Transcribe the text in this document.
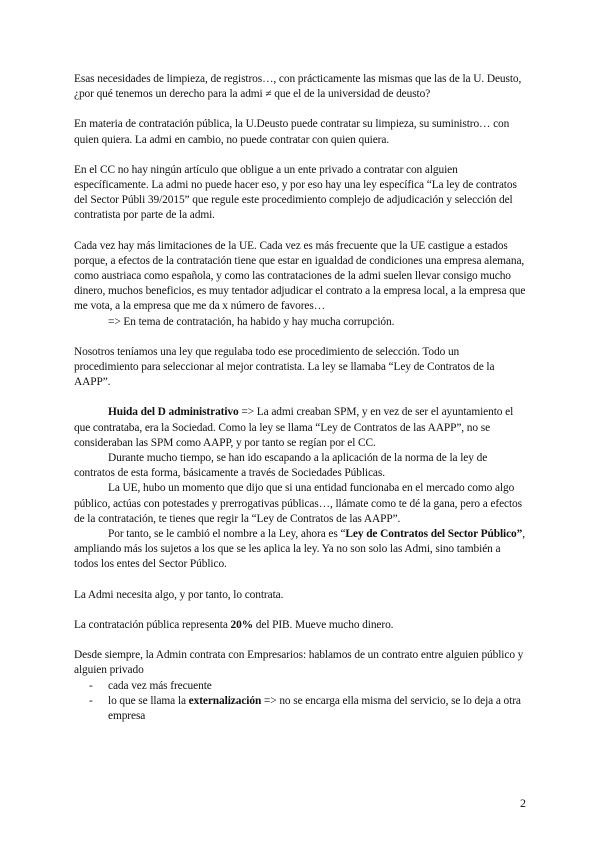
Esas necesidades de limpieza, de registros…, con prácticamente las mismas que las de la U. Deusto, ¿por qué tenemos un derecho para la admi ≠ que el de la universidad de deusto?

En materia de contratación pública, la U.Deusto puede contratar su limpieza, su suministro… con quien quiera. La admi en cambio, no puede contratar con quien quiera.

En el CC no hay ningún artículo que obligue a un ente privado a contratar con alguien específicamente. La admi no puede hacer eso, y por eso hay una ley específica “La ley de contratos del Sector Públi 39/2015” que regule este procedimiento complejo de adjudicación y selección del contratista por parte de la admi.

Cada vez hay más limitaciones de la UE. Cada vez es más frecuente que la UE castigue a estados porque, a efectos de la contratación tiene que estar en igualdad de condiciones una empresa alemana, como austriaca como española, y como las contrataciones de la admi suelen llevar consigo mucho dinero, muchos beneficios, es muy tentador adjudicar el contrato a la empresa local, a la empresa que me vota, a la empresa que me da x número de favores…

=> En tema de contratación, ha habido y hay mucha corrupción.

Nosotros teníamos una ley que regulaba todo ese procedimiento de selección. Todo un procedimiento para seleccionar al mejor contratista. La ley se llamaba “Ley de Contratos de la AAPP”.

Huida del D administrativo => La admi creaban SPM, y en vez de ser el ayuntamiento el que contrataba, era la Sociedad. Como la ley se llama “Ley de Contratos de las AAPP”, no se consideraban las SPM como AAPP, y por tanto se regían por el CC.

Durante mucho tiempo, se han ido escapando a la aplicación de la norma de la ley de contratos de esta forma, básicamente a través de Sociedades Públicas.

La UE, hubo un momento que dijo que si una entidad funcionaba en el mercado como algo público, actúas con potestades y prerrogativas públicas…, llámate como te dé la gana, pero a efectos de la contratación, te tienes que regir la “Ley de Contratos de las AAPP”.

Por tanto, se le cambió el nombre a la Ley, ahora es “Ley de Contratos del Sector Público”, ampliando más los sujetos a los que se les aplica la ley. Ya no son solo las Admi, sino también a todos los entes del Sector Público.

La Admi necesita algo, y por tanto, lo contrata.

La contratación pública representa 20% del PIB. Mueve mucho dinero.

Desde siempre, la Admin contrata con Empresarios: hablamos de un contrato entre alguien público y alguien privado

- cada vez más frecuente
- lo que se llama la externalización => no se encarga ella misma del servicio, se lo deja a otra empresa
2
